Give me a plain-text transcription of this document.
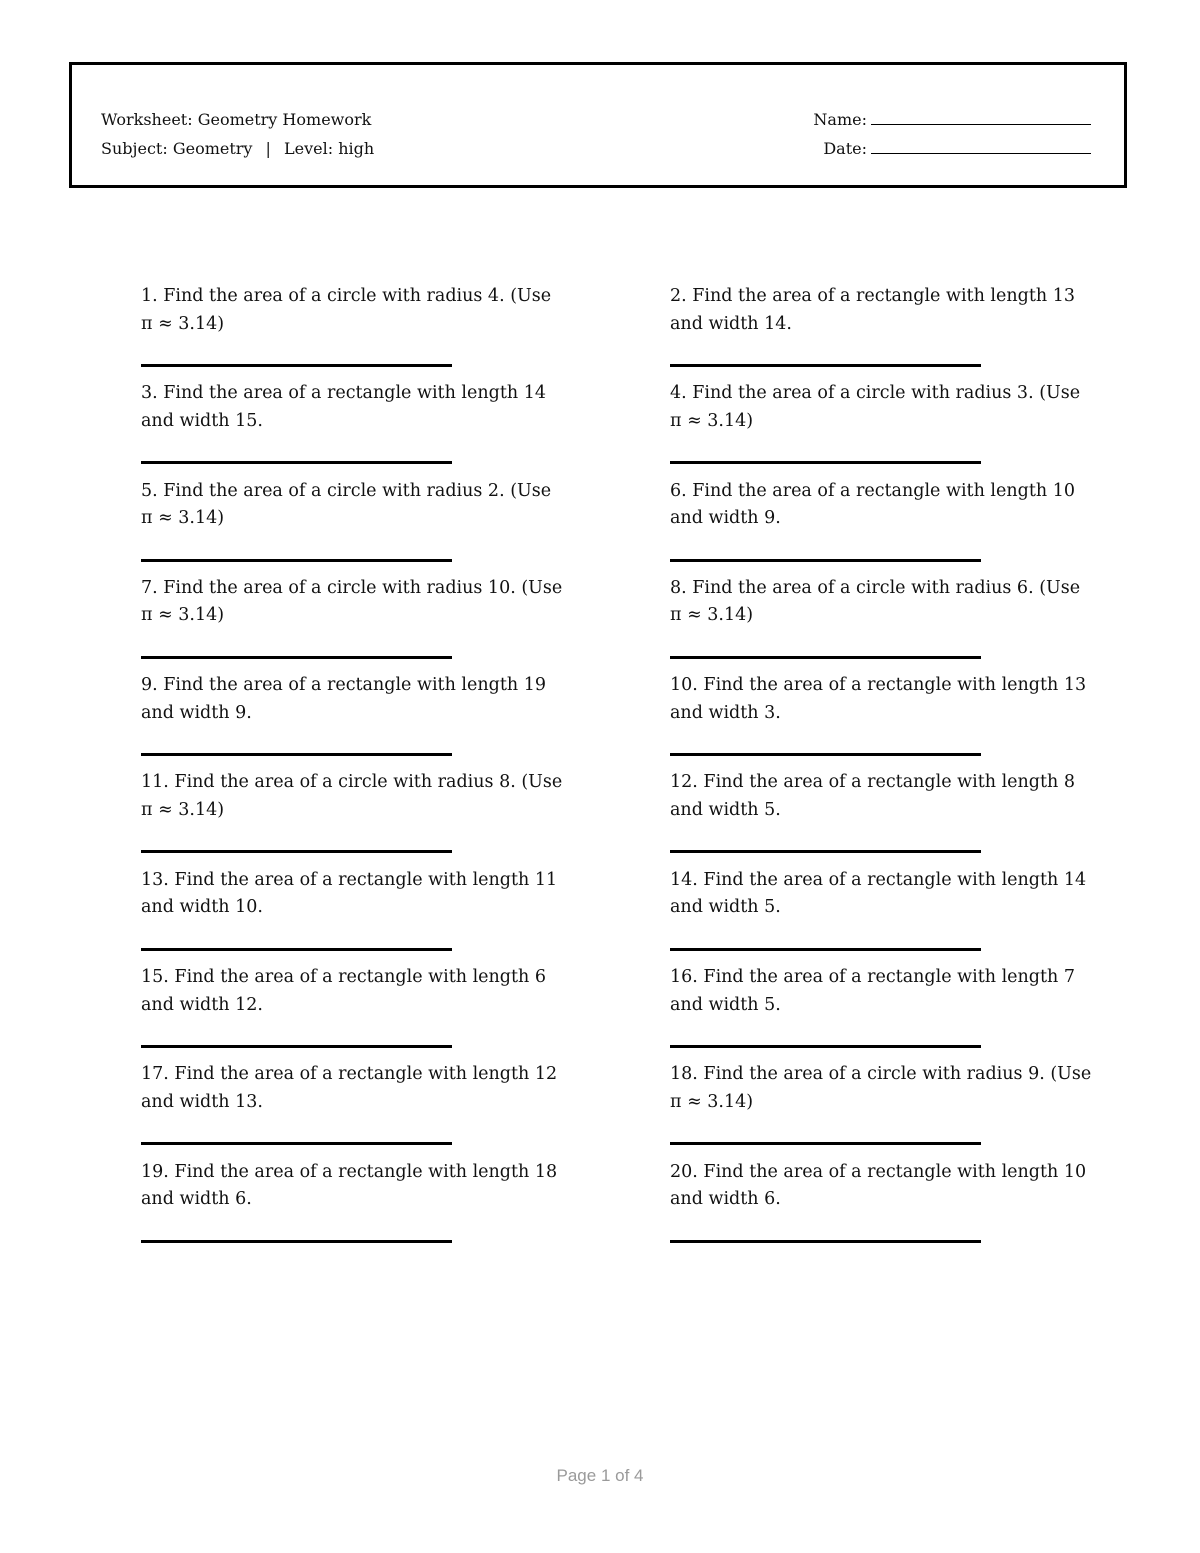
Worksheet: Geometry Homework
Subject: Geometry | Level: high
Name:
Date:

1. Find the area of a circle with radius 4. (Use π ≈ 3.14)

2. Find the area of a rectangle with length 13 and width 14.

3. Find the area of a rectangle with length 14 and width 15.

4. Find the area of a circle with radius 3. (Use π ≈ 3.14)

5. Find the area of a circle with radius 2. (Use π ≈ 3.14)

6. Find the area of a rectangle with length 10 and width 9.

7. Find the area of a circle with radius 10. (Use π ≈ 3.14)

8. Find the area of a circle with radius 6. (Use π ≈ 3.14)

9. Find the area of a rectangle with length 19 and width 9.

10. Find the area of a rectangle with length 13 and width 3.

11. Find the area of a circle with radius 8. (Use π ≈ 3.14)

12. Find the area of a rectangle with length 8 and width 5.

13. Find the area of a rectangle with length 11 and width 10.

14. Find the area of a rectangle with length 14 and width 5.

15. Find the area of a rectangle with length 6 and width 12.

16. Find the area of a rectangle with length 7 and width 5.

17. Find the area of a rectangle with length 12 and width 13.

18. Find the area of a circle with radius 9. (Use π ≈ 3.14)

19. Find the area of a rectangle with length 18 and width 6.

20. Find the area of a rectangle with length 10 and width 6.

Page 1 of 4
